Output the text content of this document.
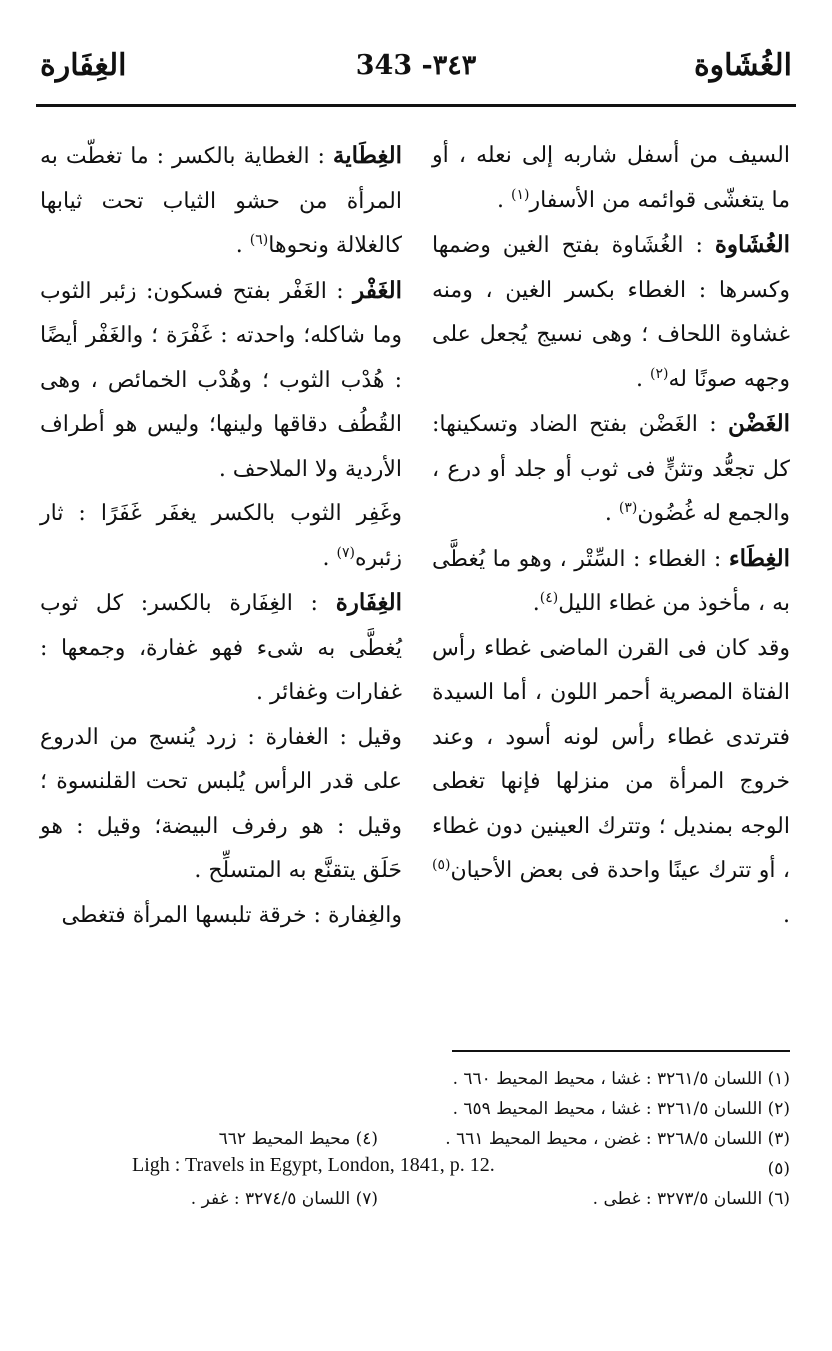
الغُشَاوة
343 -٣٤٣
الغِفَارة

السيف من أسفل شاربه إلى نعله ، أو ما يتغشّى قوائمه من الأسفار$^{(١)}$ .

الغُشَاوة : الغُشَاوة بفتح الغين وضمها وكسرها : الغطاء بكسر الغين ، ومنه غشاوة اللحاف ؛ وهى نسيج يُجعل على وجهه صونًا له$^{(٢)}$ .

الغَضْن : الغَضْن بفتح الضاد وتسكينها: كل تجعُّد وتثنٍّ فى ثوب أو جلد أو درع ، والجمع له غُضُون$^{(٣)}$ .

الغِطَاء : الغطاء : السِّتْر ، وهو ما يُغطَّى به ، مأخوذ من غطاء الليل$^{(٤)}$.

وقد كان فى القرن الماضى غطاء رأس الفتاة المصرية أحمر اللون ، أما السيدة فترتدى غطاء رأس لونه أسود ، وعند خروج المرأة من منزلها فإنها تغطى الوجه بمنديل ؛ وتترك العينين دون غطاء ، أو تترك عينًا واحدة فى بعض الأحيان$^{(٥)}$ .

الغِطَاية : الغطاية بالكسر : ما تغطّت به المرأة من حشو الثياب تحت ثيابها كالغلالة ونحوها$^{(٦)}$ .

الغَفْر : الغَفْر بفتح فسكون: زئبر الثوب وما شاكله؛ واحدته : غَفْرَة ؛ والغَفْر أيضًا : هُدْب الثوب ؛ وهُدْب الخمائص ، وهى القُطُف دقاقها ولينها؛ وليس هو أطراف الأردية ولا الملاحف .

وغَفِر الثوب بالكسر يغفَر غَفَرًا : ثار زئبره$^{(٧)}$ .

الغِفَارة : الغِفَارة بالكسر: كل ثوب يُغطَّى به شىء فهو غفارة، وجمعها : غفارات وغفائر .

وقيل : الغفارة : زرد يُنسج من الدروع على قدر الرأس يُلبس تحت القلنسوة ؛ وقيل : هو رفرف البيضة؛ وقيل : هو حَلَق يتقنَّع به المتسلِّح .

والغِفارة : خرقة تلبسها المرأة فتغطى

(١) اللسان ٣٢٦١/٥ : غشا ، محيط المحيط ٦٦٠ .
(٢) اللسان ٣٢٦١/٥ : غشا ، محيط المحيط ٦٥٩ .
(٣) اللسان ٣٢٦٨/٥ : غضن ، محيط المحيط ٦٦١ .
(٤) محيط المحيط ٦٦٢
(٥)
Ligh : Travels in Egypt, London, 1841, p. 12.
(٦) اللسان ٣٢٧٣/٥ : غطى .
(٧) اللسان ٣٢٧٤/٥ : غفر .
